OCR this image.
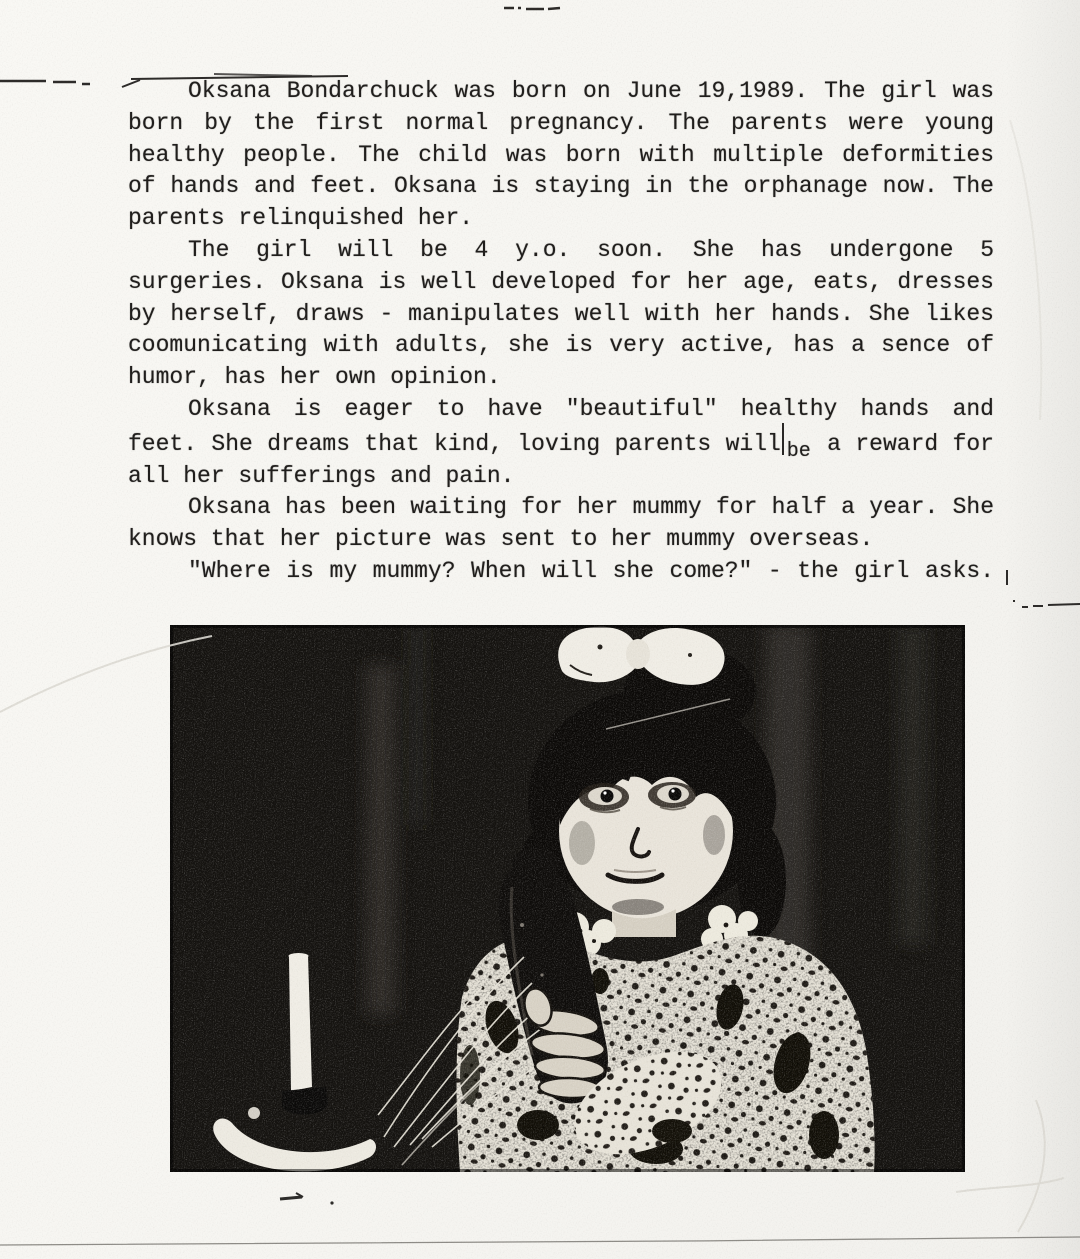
Oksana Bondarchuck was born on June 19,1989. The girl was
born by the first normal pregnancy. The parents were young
healthy people. The child was born with multiple deformities
of hands and feet. Oksana is staying in the orphanage now. The
parents relinquished her.
The girl will be 4 y.o. soon. She has undergone 5
surgeries. Oksana is well developed for her age, eats, dresses
by herself, draws - manipulates well with her hands. She likes
coomunicating with adults, she is very active, has a sence of
humor, has her own opinion.
Oksana is eager to have "beautiful" healthy hands and
feet. She dreams that kind, loving parents will be a reward for
all her sufferings and pain.
Oksana has been waiting for her mummy for half a year. She
knows that her picture was sent to her mummy overseas.
"Where is my mummy? When will she come?" - the girl asks.
